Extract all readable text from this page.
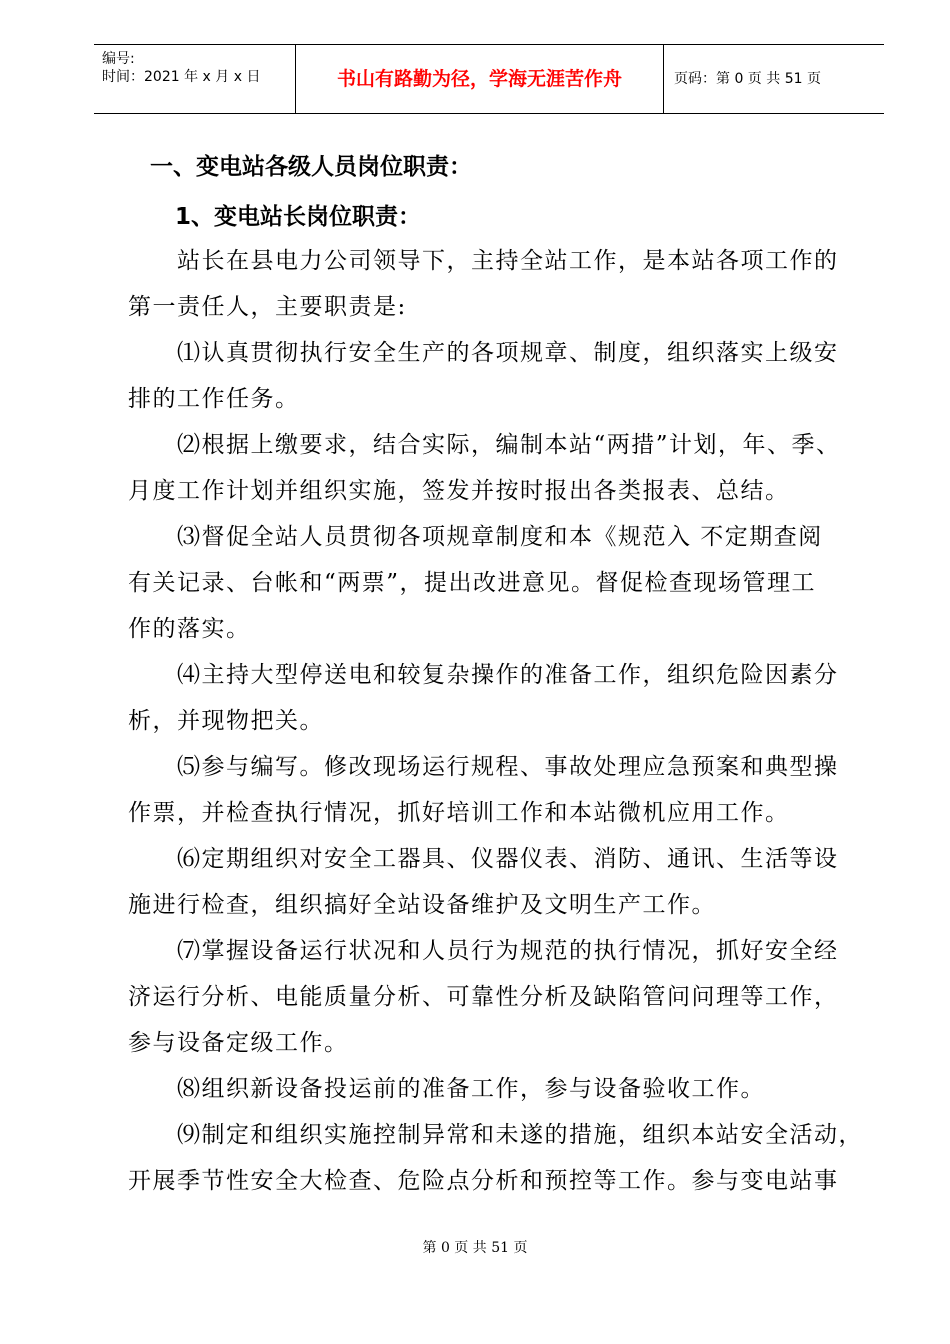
编号:
时间：2021 年 x 月 x 日	书山有路勤为径，学海无涯苦作舟	页码：第 0 页 共 51 页
一、变电站各级人员岗位职责：
1、变电站长岗位职责：
　　站长在县电力公司领导下，主持全站工作，是本站各项工作的
第一责任人，主要职责是:
　　⑴认真贯彻执行安全生产的各项规章、制度，组织落实上级安
排的工作任务。
　　⑵根据上缴要求，结合实际，编制本站“两措”计划，年、季、
月度工作计划并组织实施，签发并按时报出各类报表、总结。
　　⑶督促全站人员贯彻各项规章制度和本《规范入 不定期查阅
有关记录、台帐和“两票”，提出改进意见。督促检查现场管理工
作的落实。
　　⑷主持大型停送电和较复杂操作的准备工作，组织危险因素分
析，并现物把关。
　　⑸参与编写。修改现场运行规程、事故处理应急预案和典型操
作票，并检查执行情况，抓好培训工作和本站微机应用工作。
　　⑹定期组织对安全工器具、仪器仪表、消防、通讯、生活等设
施进行检查，组织搞好全站设备维护及文明生产工作。
　　⑺掌握设备运行状况和人员行为规范的执行情况，抓好安全经
济运行分析、电能质量分析、可靠性分析及缺陷管问问理等工作，
参与设备定级工作。
　　⑻组织新设备投运前的准备工作，参与设备验收工作。
　　⑼制定和组织实施控制异常和未遂的措施，组织本站安全活动，
开展季节性安全大检查、危险点分析和预控等工作。参与变电站事
第 0 页 共 51 页
